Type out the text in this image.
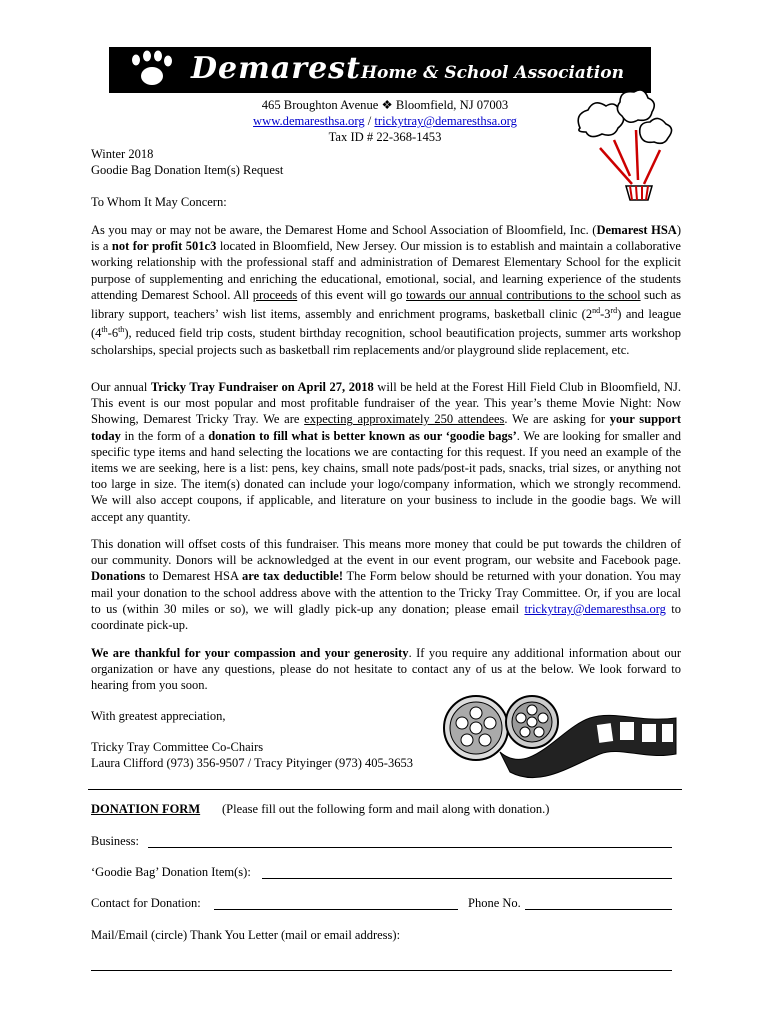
Demarest Home & School Association
465 Broughton Avenue ❖ Bloomfield, NJ 07003
www.demaresthsa.org / trickytray@demaresthsa.org
Tax ID # 22-368-1453
Winter 2018
Goodie Bag Donation Item(s) Request
To Whom It May Concern:
As you may or may not be aware, the Demarest Home and School Association of Bloomfield, Inc. (Demarest HSA) is a not for profit 501c3 located in Bloomfield, New Jersey. Our mission is to establish and maintain a collaborative working relationship with the professional staff and administration of Demarest Elementary School for the explicit purpose of supplementing and enriching the educational, emotional, social, and learning experience of the students attending Demarest School. All proceeds of this event will go towards our annual contributions to the school such as library support, teachers’ wish list items, assembly and enrichment programs, basketball clinic (2nd-3rd) and league (4th-6th), reduced field trip costs, student birthday recognition, school beautification projects, summer arts workshop scholarships, special projects such as basketball rim replacements and/or playground slide replacement, etc.
Our annual Tricky Tray Fundraiser on April 27, 2018 will be held at the Forest Hill Field Club in Bloomfield, NJ. This event is our most popular and most profitable fundraiser of the year. This year’s theme Movie Night: Now Showing, Demarest Tricky Tray. We are expecting approximately 250 attendees. We are asking for your support today in the form of a donation to fill what is better known as our ‘goodie bags’. We are looking for smaller and specific type items and hand selecting the locations we are contacting for this request. If you need an example of the items we are seeking, here is a list: pens, key chains, small note pads/post-it pads, snacks, trial sizes, or anything not too large in size. The item(s) donated can include your logo/company information, which we strongly recommend. We will also accept coupons, if applicable, and literature on your business to include in the goodie bags. We will accept any quantity.
This donation will offset costs of this fundraiser. This means more money that could be put towards the children of our community. Donors will be acknowledged at the event in our event program, our website and Facebook page. Donations to Demarest HSA are tax deductible! The Form below should be returned with your donation. You may mail your donation to the school address above with the attention to the Tricky Tray Committee. Or, if you are local to us (within 30 miles or so), we will gladly pick-up any donation; please email trickytray@demaresthsa.org to coordinate pick-up.
We are thankful for your compassion and your generosity. If you require any additional information about our organization or have any questions, please do not hesitate to contact any of us at the below. We look forward to hearing from you soon.
With greatest appreciation,
Tricky Tray Committee Co-Chairs
Laura Clifford (973) 356-9507 / Tracy Pityinger (973) 405-3653
DONATION FORM (Please fill out the following form and mail along with donation.)
Business:
‘Goodie Bag’ Donation Item(s):
Contact for Donation:	Phone No.
Mail/Email (circle) Thank You Letter (mail or email address):
